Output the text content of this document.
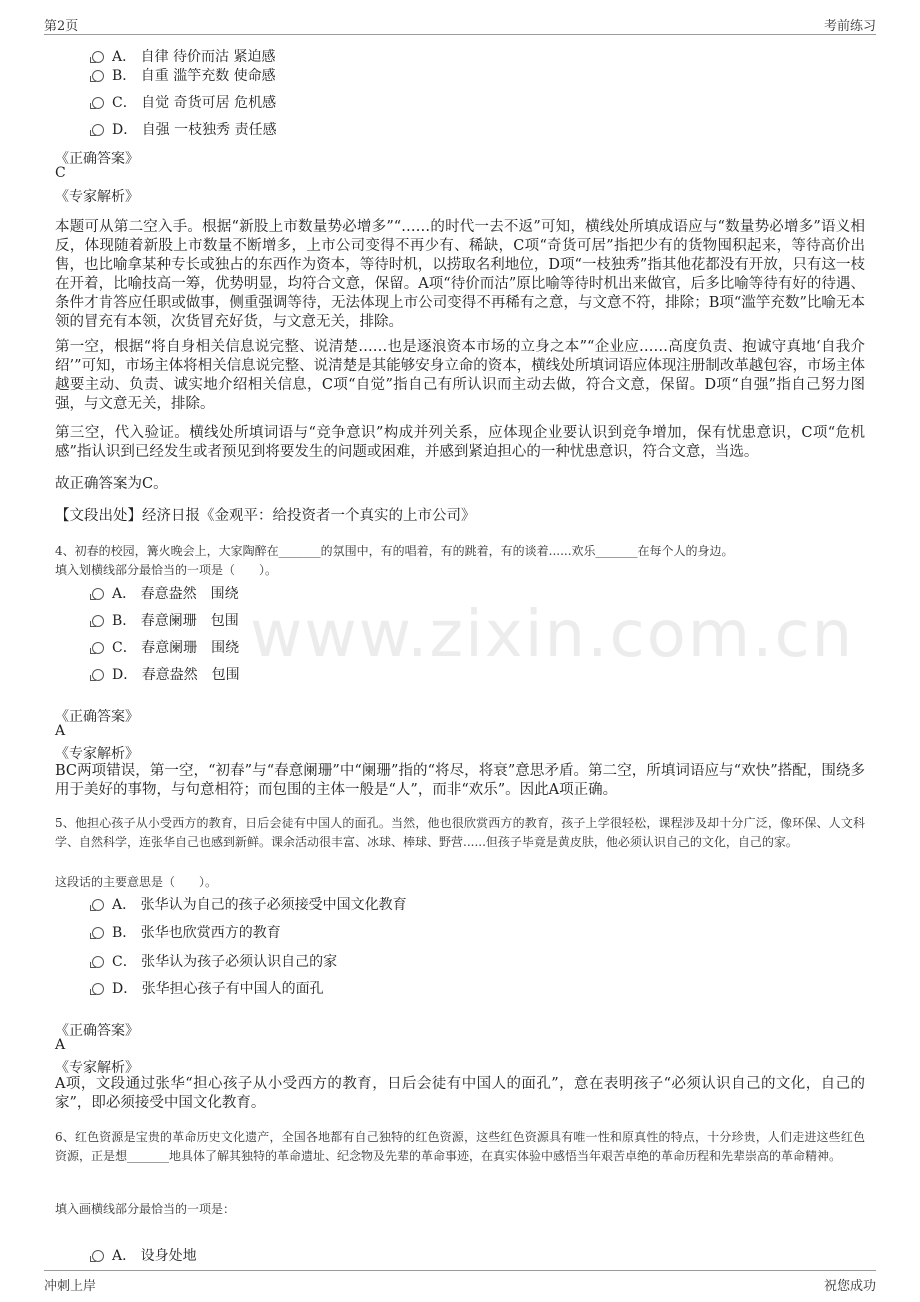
第2页	考前练习
www.zixin.com.cn
A． 自律 待价而沽 紧迫感
B． 自重 滥竽充数 使命感
C． 自觉 奇货可居 危机感
D． 自强 一枝独秀 责任感
《正确答案》
C
《专家解析》
本题可从第二空入手。根据“新股上市数量势必增多”“……的时代一去不返”可知，横线处所填成语应与“数量势必增多”语义相反，体现随着新股上市数量不断增多，上市公司变得不再少有、稀缺，C项“奇货可居”指把少有的货物囤积起来，等待高价出售，也比喻拿某种专长或独占的东西作为资本，等待时机，以捞取名利地位，D项“一枝独秀”指其他花都没有开放，只有这一枝在开着，比喻技高一筹，优势明显，均符合文意，保留。A项“待价而沽”原比喻等待时机出来做官，后多比喻等待有好的待遇、条件才肯答应任职或做事，侧重强调等待，无法体现上市公司变得不再稀有之意，与文意不符，排除；B项“滥竽充数”比喻无本领的冒充有本领，次货冒充好货，与文意无关，排除。
第一空，根据“将自身相关信息说完整、说清楚……也是逐浪资本市场的立身之本”“企业应……高度负责、抱诚守真地‘自我介绍’”可知，市场主体将相关信息说完整、说清楚是其能够安身立命的资本，横线处所填词语应体现注册制改革越包容，市场主体越要主动、负责、诚实地介绍相关信息，C项“自觉”指自己有所认识而主动去做，符合文意，保留。D项“自强”指自己努力图强，与文意无关，排除。
第三空，代入验证。横线处所填词语与“竞争意识”构成并列关系，应体现企业要认识到竞争增加，保有忧患意识，C项“危机感”指认识到已经发生或者预见到将要发生的问题或困难，并感到紧迫担心的一种忧患意识，符合文意，当选。
故正确答案为C。
【文段出处】经济日报《金观平：给投资者一个真实的上市公司》
4、初春的校园，篝火晚会上，大家陶醉在_______的氛围中，有的唱着，有的跳着，有的谈着......欢乐_______在每个人的身边。
填入划横线部分最恰当的一项是（　　）。
A． 春意盎然　围绕
B． 春意阑珊　包围
C． 春意阑珊　围绕
D． 春意盎然　包围
《正确答案》
A
《专家解析》
BC两项错误，第一空，“初春”与“春意阑珊”中“阑珊”指的“将尽，将衰”意思矛盾。第二空，所填词语应与“欢快”搭配，围绕多用于美好的事物，与句意相符；而包围的主体一般是“人”，而非“欢乐”。因此A项正确。
5、他担心孩子从小受西方的教育，日后会徒有中国人的面孔。当然，他也很欣赏西方的教育，孩子上学很轻松，课程涉及却十分广泛，像环保、人文科学、自然科学，连张华自己也感到新鲜。课余活动很丰富、冰球、棒球、野营......但孩子毕竟是黄皮肤，他必须认识自己的文化，自己的家。
这段话的主要意思是（　　）。
A． 张华认为自己的孩子必须接受中国文化教育
B． 张华也欣赏西方的教育
C． 张华认为孩子必须认识自己的家
D． 张华担心孩子有中国人的面孔
《正确答案》
A
《专家解析》
A项，文段通过张华“担心孩子从小受西方的教育，日后会徒有中国人的面孔”，意在表明孩子“必须认识自己的文化，自己的家”，即必须接受中国文化教育。
6、红色资源是宝贵的革命历史文化遗产，全国各地都有自己独特的红色资源，这些红色资源具有唯一性和原真性的特点，十分珍贵，人们走进这些红色资源，正是想_______地具体了解其独特的革命遗址、纪念物及先辈的革命事迹，在真实体验中感悟当年艰苦卓绝的革命历程和先辈崇高的革命精神。
填入画横线部分最恰当的一项是：
A． 设身处地
冲刺上岸	祝您成功
